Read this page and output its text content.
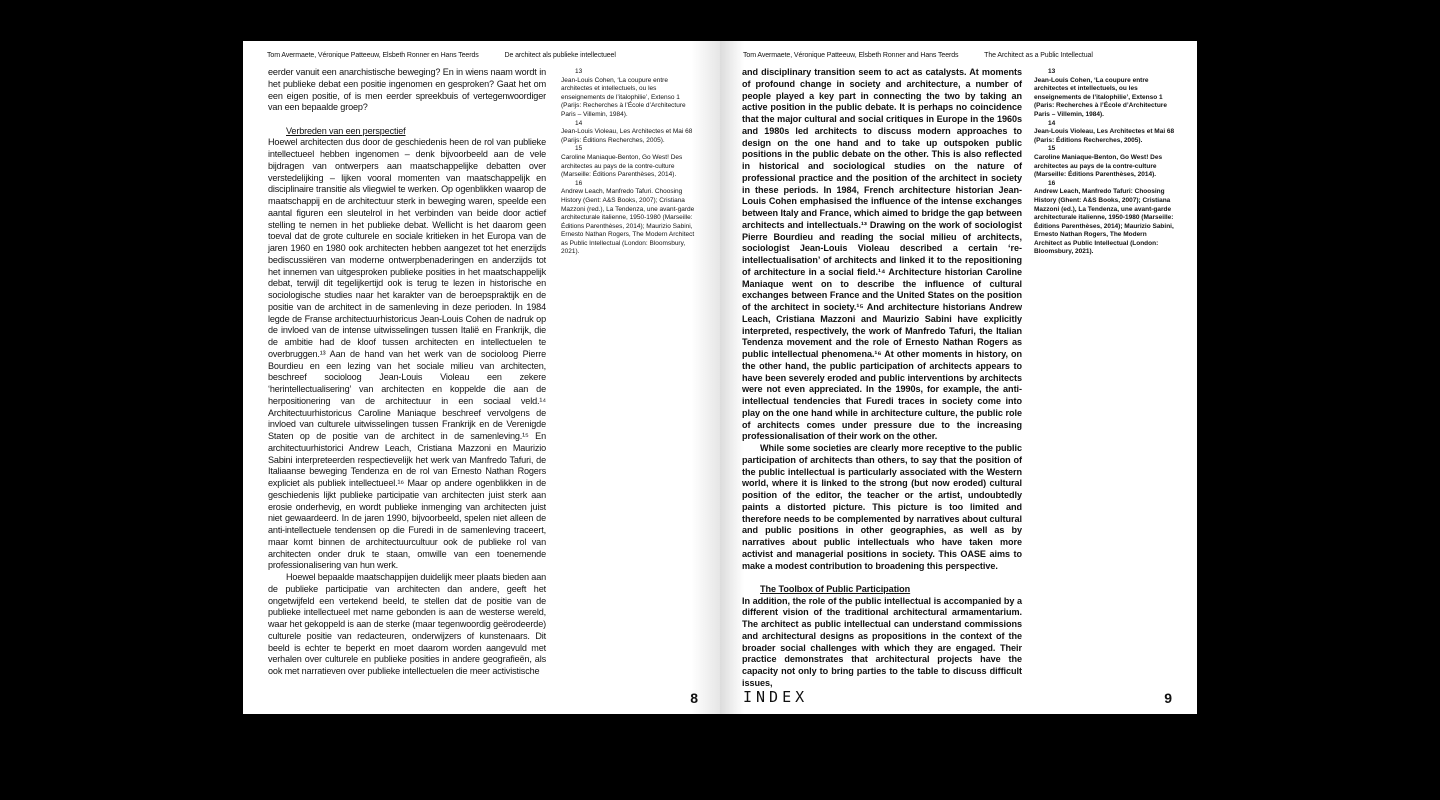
Tom Avermaete, Véronique Patteeuw, Elsbeth Ronner en Hans Teerds	De architect als publieke intellectueel

eerder vanuit een anarchistische beweging? En in wiens naam wordt in het publieke debat een positie ingenomen en gesproken? Gaat het om een eigen positie, of is men eerder spreekbuis of vertegenwoordiger van een bepaalde groep?

Verbreden van een perspectief

Hoewel architecten dus door de geschiedenis heen de rol van publieke intellectueel hebben ingenomen – denk bijvoorbeeld aan de vele bijdragen van ontwerpers aan maatschappelijke debatten over verstedelijking – lijken vooral momenten van maatschappelijk en disciplinaire transitie als vliegwiel te werken. Op ogenblikken waarop de maatschappij en de architectuur sterk in beweging waren, speelde een aantal figuren een sleutelrol in het verbinden van beide door actief stelling te nemen in het publieke debat. Wellicht is het daarom geen toeval dat de grote culturele en sociale kritieken in het Europa van de jaren 1960 en 1980 ook architecten hebben aangezet tot het enerzijds bediscussiëren van moderne ontwerpbenaderingen en anderzijds tot het innemen van uitgesproken publieke posities in het maatschappelijk debat, terwijl dit tegelijkertijd ook is terug te lezen in historische en sociologische studies naar het karakter van de beroepspraktijk en de positie van de architect in de samenleving in deze perioden. In 1984 legde de Franse architectuurhistoricus Jean-Louis Cohen de nadruk op de invloed van de intense uitwisselingen tussen Italië en Frankrijk, die de ambitie had de kloof tussen architecten en intellectuelen te overbruggen.¹³ Aan de hand van het werk van de socioloog Pierre Bourdieu en een lezing van het sociale milieu van architecten, beschreef socioloog Jean-Louis Violeau een zekere ‘herintellectualisering’ van architecten en koppelde die aan de herpositionering van de architectuur in een sociaal veld.¹⁴ Architectuurhistoricus Caroline Maniaque beschreef vervolgens de invloed van culturele uitwisselingen tussen Frankrijk en de Verenigde Staten op de positie van de architect in de samenleving.¹⁵ En architectuurhistorici Andrew Leach, Cristiana Mazzoni en Maurizio Sabini interpreteerden respectievelijk het werk van Manfredo Tafuri, de Italiaanse beweging Tendenza en de rol van Ernesto Nathan Rogers expliciet als publiek intellectueel.¹⁶ Maar op andere ogenblikken in de geschiedenis lijkt publieke participatie van architecten juist sterk aan erosie onderhevig, en wordt publieke inmenging van architecten juist niet gewaardeerd. In de jaren 1990, bijvoorbeeld, spelen niet alleen de anti-intellectuele tendensen op die Furedi in de samenleving traceert, maar komt binnen de architectuurcultuur ook de publieke rol van architecten onder druk te staan, omwille van een toenemende professionalisering van hun werk.

Hoewel bepaalde maatschappijen duidelijk meer plaats bieden aan de publieke participatie van architecten dan andere, geeft het ongetwijfeld een vertekend beeld, te stellen dat de positie van de publieke intellectueel met name gebonden is aan de westerse wereld, waar het gekoppeld is aan de sterke (maar tegenwoordig geërodeerde) culturele positie van redacteuren, onderwijzers of kunstenaars. Dit beeld is echter te beperkt en moet daarom worden aangevuld met verhalen over culturele en publieke posities in andere geografieën, als ook met narratieven over publieke intellectuelen die meer activistische

13
Jean-Louis Cohen, ‘La coupure entre architectes et intellectuels, ou les enseignements de l’italophilie’, Extenso 1 (Parijs: Recherches à l’École d’Architecture Paris – Villemin, 1984).
14
Jean-Louis Violeau, Les Architectes et Mai 68 (Parijs: Éditions Recherches, 2005).
15
Caroline Maniaque-Benton, Go West! Des architectes au pays de la contre-culture (Marseille: Éditions Parenthèses, 2014).
16
Andrew Leach, Manfredo Tafuri. Choosing History (Gent: A&S Books, 2007); Cristiana Mazzoni (red.), La Tendenza, une avant-garde architecturale italienne, 1950-1980 (Marseille: Éditions Parenthèses, 2014); Maurizio Sabini, Ernesto Nathan Rogers, The Modern Architect as Public Intellectual (London: Bloomsbury, 2021).
8
Tom Avermaete, Véronique Patteeuw, Elsbeth Ronner and Hans Teerds	The Architect as a Public Intellectual

and disciplinary transition seem to act as catalysts. At moments of profound change in society and architecture, a number of people played a key part in connecting the two by taking an active position in the public debate. It is perhaps no coincidence that the major cultural and social critiques in Europe in the 1960s and 1980s led architects to discuss modern approaches to design on the one hand and to take up outspoken public positions in the public debate on the other. This is also reflected in historical and sociological studies on the nature of professional practice and the position of the architect in society in these periods. In 1984, French architecture historian Jean-Louis Cohen emphasised the influence of the intense exchanges between Italy and France, which aimed to bridge the gap between architects and intellectuals.¹³ Drawing on the work of sociologist Pierre Bourdieu and reading the social milieu of architects, sociologist Jean-Louis Violeau described a certain ‘re-intellectualisation’ of architects and linked it to the repositioning of architecture in a social field.¹⁴ Architecture historian Caroline Maniaque went on to describe the influence of cultural exchanges between France and the United States on the position of the architect in society.¹⁵ And architecture historians Andrew Leach, Cristiana Mazzoni and Maurizio Sabini have explicitly interpreted, respectively, the work of Manfredo Tafuri, the Italian Tendenza movement and the role of Ernesto Nathan Rogers as public intellectual phenomena.¹⁶ At other moments in history, on the other hand, the public participation of architects appears to have been severely eroded and public interventions by architects were not even appreciated. In the 1990s, for example, the anti-intellectual tendencies that Furedi traces in society come into play on the one hand while in architecture culture, the public role of architects comes under pressure due to the increasing professionalisation of their work on the other.

While some societies are clearly more receptive to the public participation of architects than others, to say that the position of the public intellectual is particularly associated with the Western world, where it is linked to the strong (but now eroded) cultural position of the editor, the teacher or the artist, undoubtedly paints a distorted picture. This picture is too limited and therefore needs to be complemented by narratives about cultural and public positions in other geographies, as well as by narratives about public intellectuals who have taken more activist and managerial positions in society. This OASE aims to make a modest contribution to broadening this perspective.

The Toolbox of Public Participation

In addition, the role of the public intellectual is accompanied by a different vision of the traditional architectural armamentarium. The architect as public intellectual can understand commissions and architectural designs as propositions in the context of the broader social challenges with which they are engaged. Their practice demonstrates that architectural projects have the capacity not only to bring parties to the table to discuss difficult issues,

13
Jean-Louis Cohen, ‘La coupure entre architectes et intellectuels, ou les enseignements de l’italophilie’, Extenso 1 (Paris: Recherches à l’École d’Architecture Paris – Villemin, 1984).
14
Jean-Louis Violeau, Les Architectes et Mai 68 (Paris: Éditions Recherches, 2005).
15
Caroline Maniaque-Benton, Go West! Des architectes au pays de la contre-culture (Marseille: Éditions Parenthèses, 2014).
16
Andrew Leach, Manfredo Tafuri: Choosing History (Ghent: A&S Books, 2007); Cristiana Mazzoni (ed.), La Tendenza, une avant-garde architecturale italienne, 1950-1980 (Marseille: Éditions Parenthèses, 2014); Maurizio Sabini, Ernesto Nathan Rogers, The Modern Architect as Public Intellectual (London: Bloomsbury, 2021).
INDEX	9
